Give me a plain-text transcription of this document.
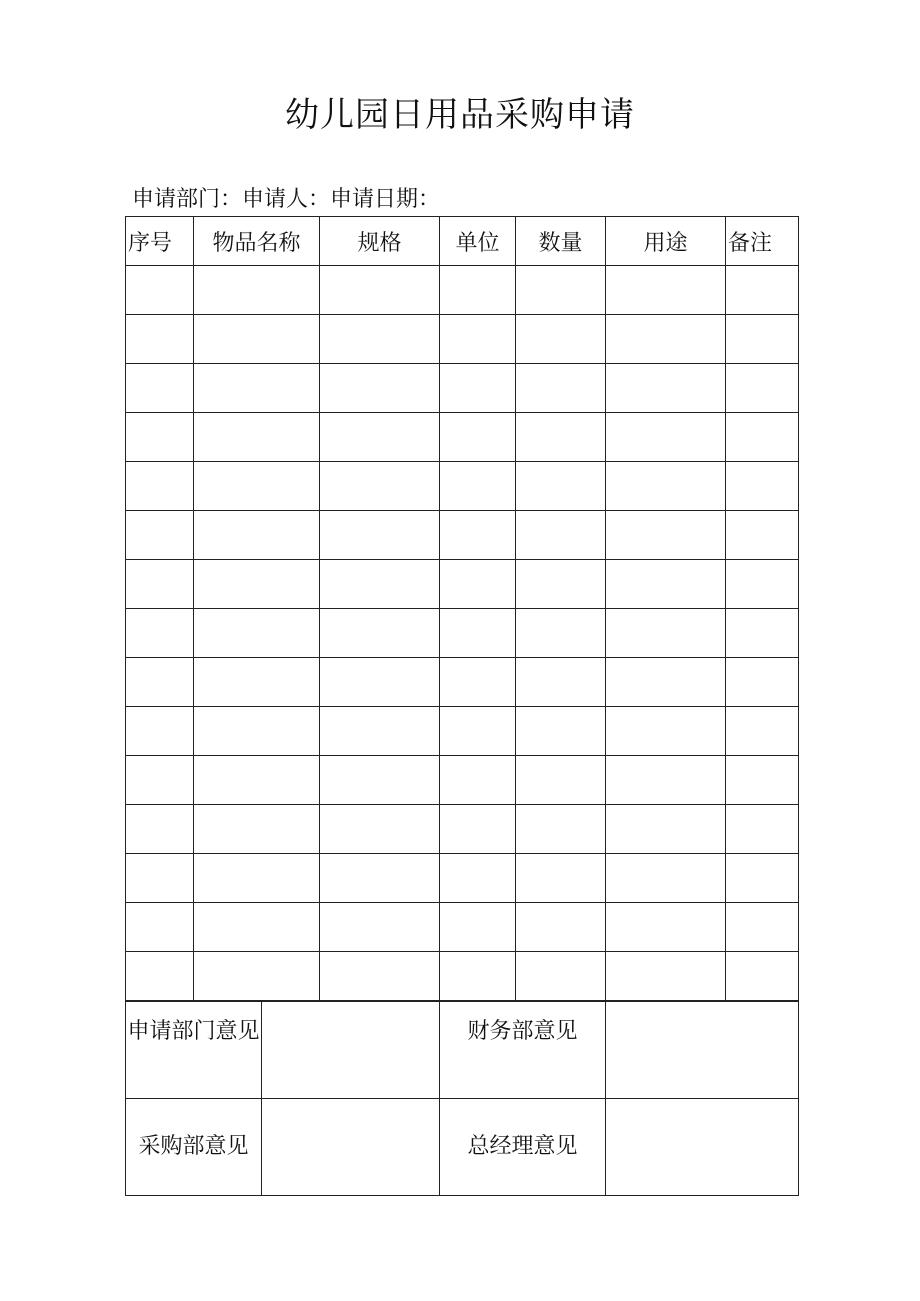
幼儿园日用品采购申请
申请部门：申请人：申请日期：
序号	物品名称	规格	单位	数量	用途	备注

申请部门意见		财务部意见	
采购部意见		总经理意见	
